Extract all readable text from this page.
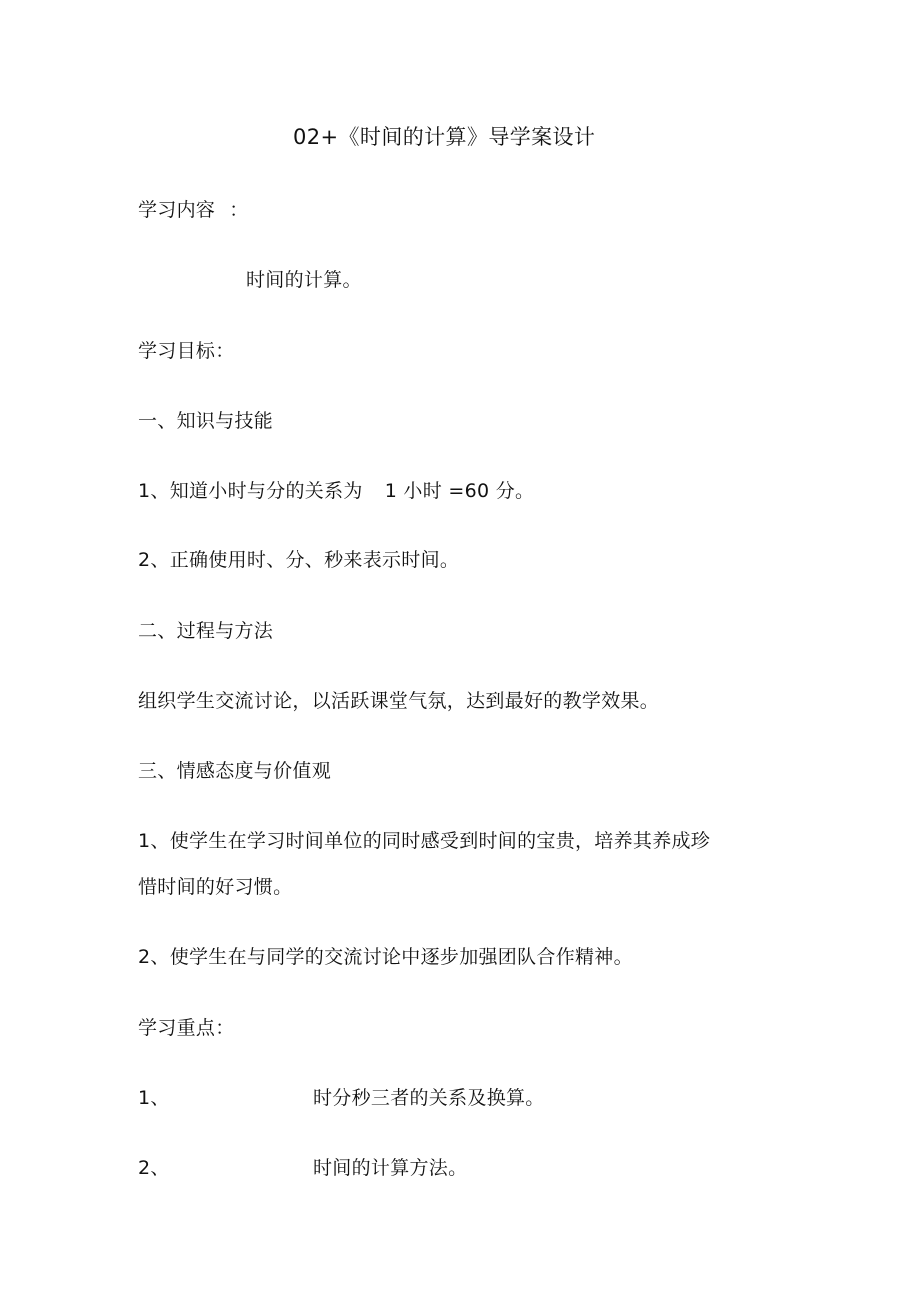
02+《时间的计算》导学案设计
学习内容 ：
时间的计算。
学习目标：
一、知识与技能
1、知道小时与分的关系为 1 小时 =60 分。
2、正确使用时、分、秒来表示时间。
二、过程与方法
组织学生交流讨论，以活跃课堂气氛，达到最好的教学效果。
三、情感态度与价值观
1、使学生在学习时间单位的同时感受到时间的宝贵，培养其养成珍
惜时间的好习惯。
2、使学生在与同学的交流讨论中逐步加强团队合作精神。
学习重点：
1、	时分秒三者的关系及换算。
2、	时间的计算方法。
